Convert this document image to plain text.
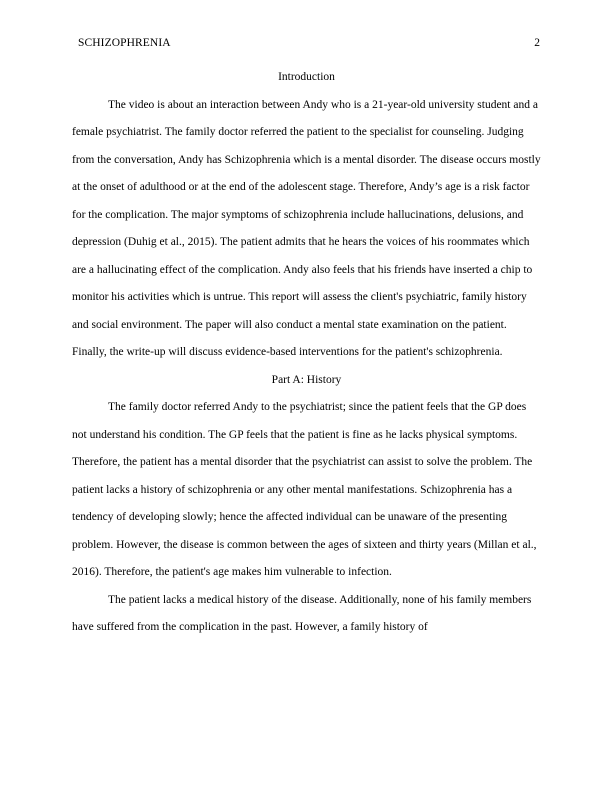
SCHIZOPHRENIA	2

Introduction

The video is about an interaction between Andy who is a 21-year-old university student and a female psychiatrist. The family doctor referred the patient to the specialist for counseling. Judging from the conversation, Andy has Schizophrenia which is a mental disorder. The disease occurs mostly at the onset of adulthood or at the end of the adolescent stage. Therefore, Andy’s age is a risk factor for the complication. The major symptoms of schizophrenia include hallucinations, delusions, and depression (Duhig et al., 2015). The patient admits that he hears the voices of his roommates which are a hallucinating effect of the complication. Andy also feels that his friends have inserted a chip to monitor his activities which is untrue. This report will assess the client's psychiatric, family history and social environment. The paper will also conduct a mental state examination on the patient. Finally, the write-up will discuss evidence-based interventions for the patient's schizophrenia.

Part A: History

The family doctor referred Andy to the psychiatrist; since the patient feels that the GP does not understand his condition. The GP feels that the patient is fine as he lacks physical symptoms. Therefore, the patient has a mental disorder that the psychiatrist can assist to solve the problem. The patient lacks a history of schizophrenia or any other mental manifestations. Schizophrenia has a tendency of developing slowly; hence the affected individual can be unaware of the presenting problem. However, the disease is common between the ages of sixteen and thirty years (Millan et al., 2016). Therefore, the patient's age makes him vulnerable to infection.

The patient lacks a medical history of the disease. Additionally, none of his family members have suffered from the complication in the past. However, a family history of
